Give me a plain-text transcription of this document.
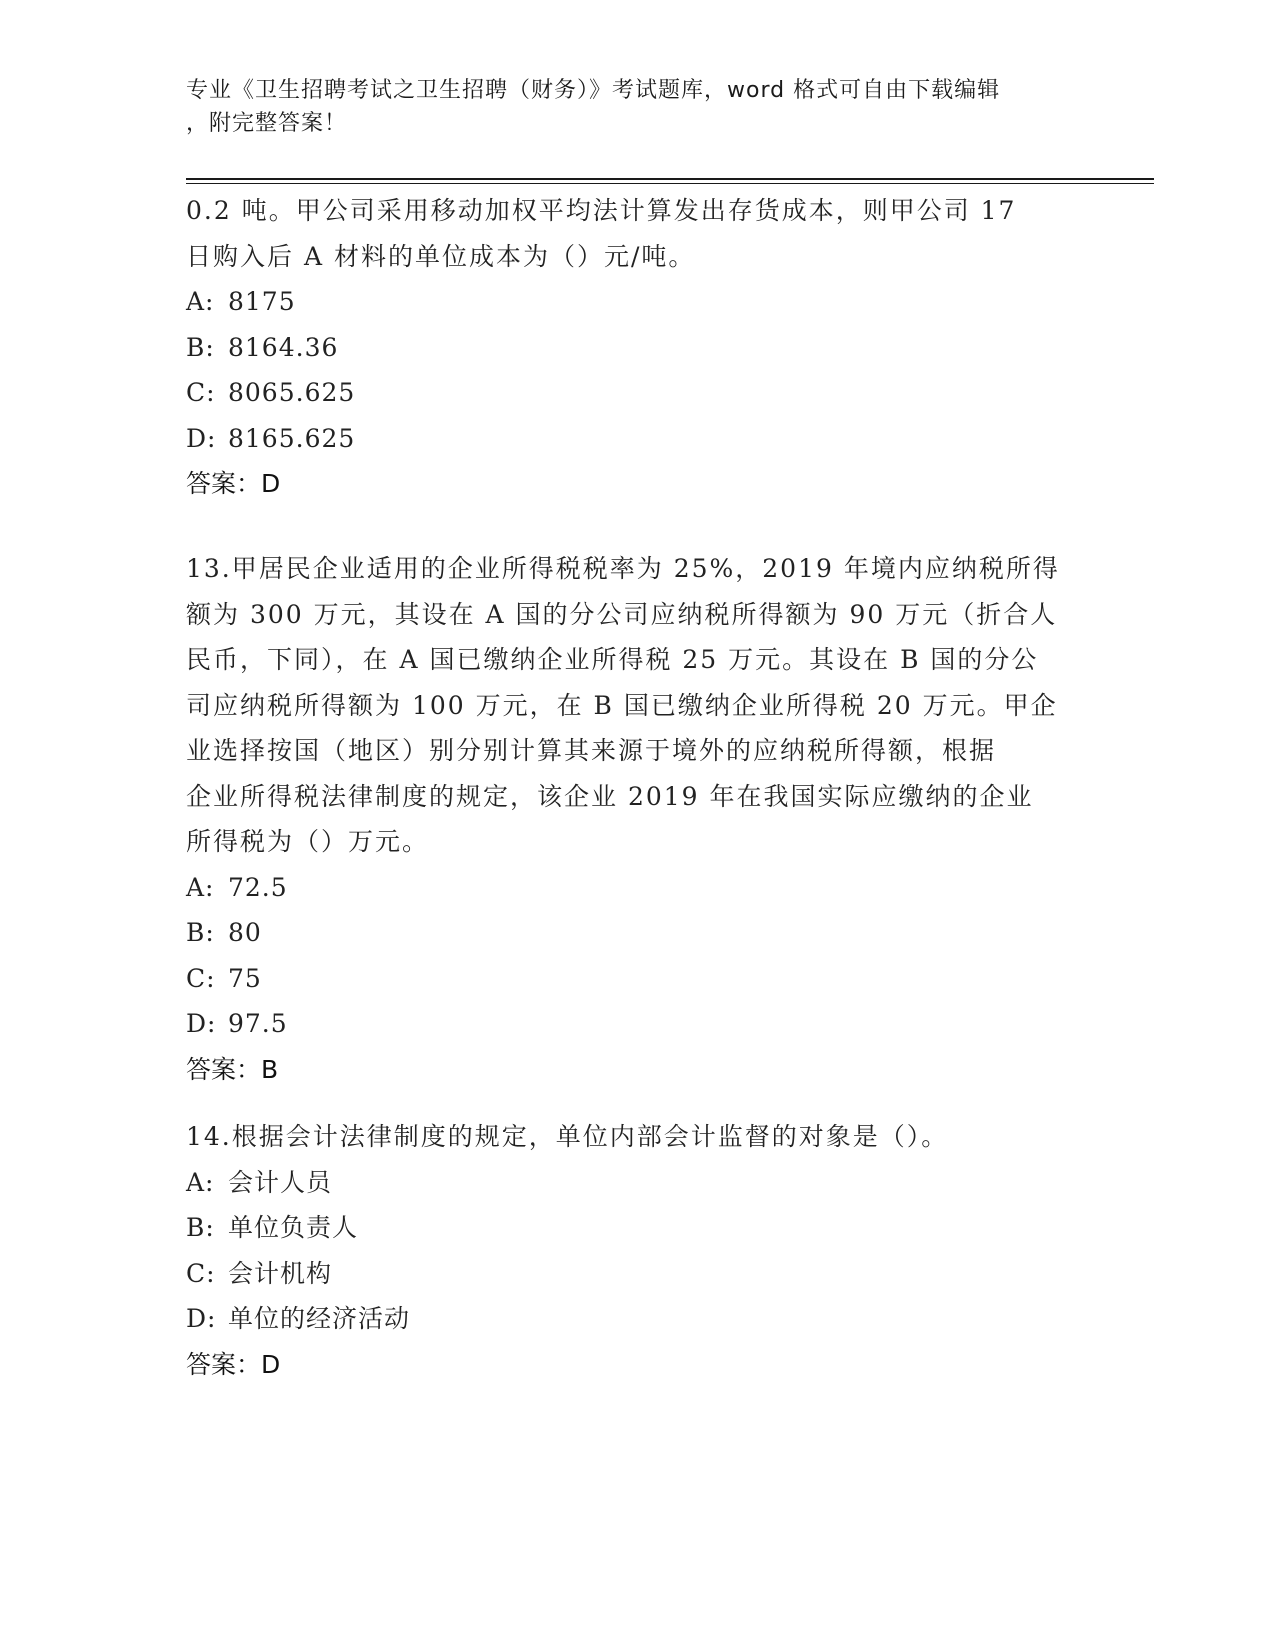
专业《卫生招聘考试之卫生招聘（财务）》考试题库，word 格式可自由下载编辑
，附完整答案！

0.2 吨。甲公司采用移动加权平均法计算发出存货成本，则甲公司 17

日购入后 A 材料的单位成本为（）元/吨。

A: 8175

B: 8164.36

C: 8065.625

D: 8165.625

答案：D

13.甲居民企业适用的企业所得税税率为 25%，2019 年境内应纳税所得

额为 300 万元，其设在 A 国的分公司应纳税所得额为 90 万元（折合人

民币，下同），在 A 国已缴纳企业所得税 25 万元。其设在 B 国的分公

司应纳税所得额为 100 万元，在 B 国已缴纳企业所得税 20 万元。甲企

业选择按国（地区）别分别计算其来源于境外的应纳税所得额，根据

企业所得税法律制度的规定，该企业 2019 年在我国实际应缴纳的企业

所得税为（）万元。

A: 72.5

B: 80

C: 75

D: 97.5

答案：B

14.根据会计法律制度的规定，单位内部会计监督的对象是（）。

A: 会计人员

B: 单位负责人

C: 会计机构

D: 单位的经济活动

答案：D
